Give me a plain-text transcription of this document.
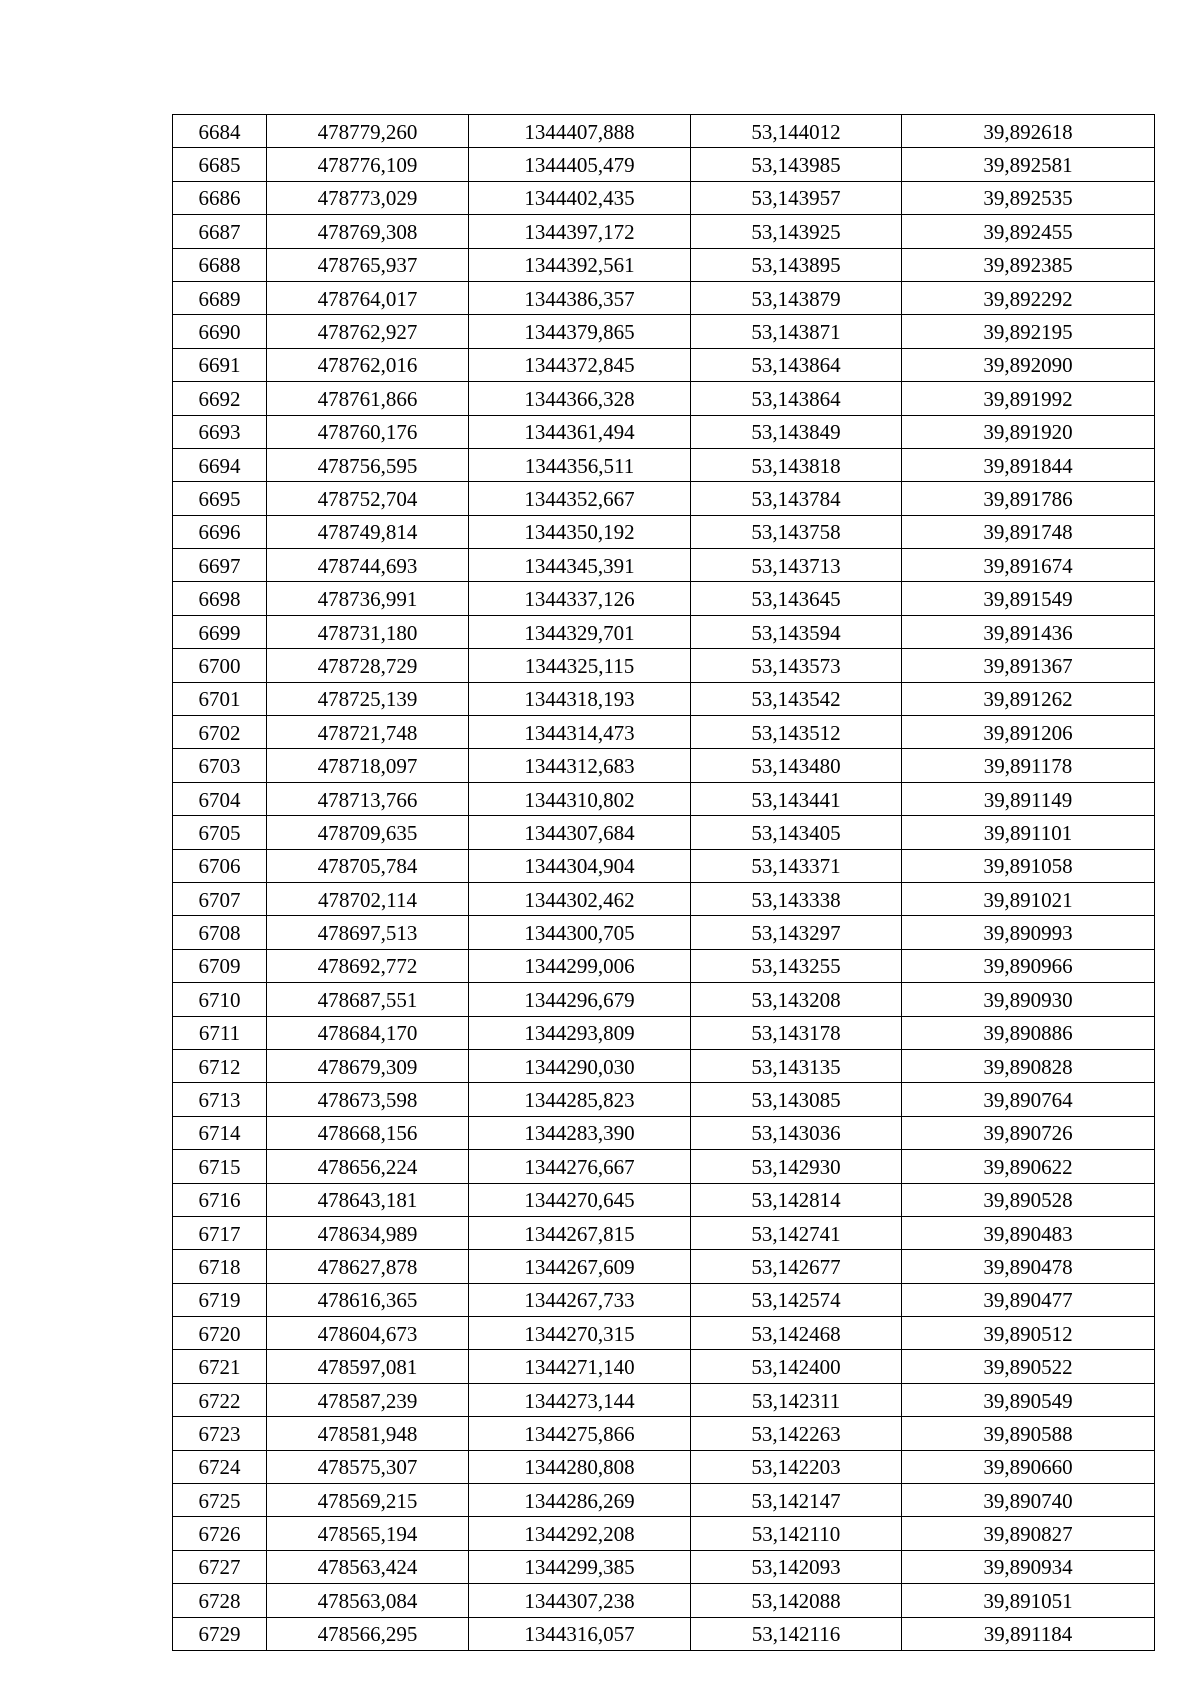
6684	478779,260	1344407,888	53,144012	39,892618
6685	478776,109	1344405,479	53,143985	39,892581
6686	478773,029	1344402,435	53,143957	39,892535
6687	478769,308	1344397,172	53,143925	39,892455
6688	478765,937	1344392,561	53,143895	39,892385
6689	478764,017	1344386,357	53,143879	39,892292
6690	478762,927	1344379,865	53,143871	39,892195
6691	478762,016	1344372,845	53,143864	39,892090
6692	478761,866	1344366,328	53,143864	39,891992
6693	478760,176	1344361,494	53,143849	39,891920
6694	478756,595	1344356,511	53,143818	39,891844
6695	478752,704	1344352,667	53,143784	39,891786
6696	478749,814	1344350,192	53,143758	39,891748
6697	478744,693	1344345,391	53,143713	39,891674
6698	478736,991	1344337,126	53,143645	39,891549
6699	478731,180	1344329,701	53,143594	39,891436
6700	478728,729	1344325,115	53,143573	39,891367
6701	478725,139	1344318,193	53,143542	39,891262
6702	478721,748	1344314,473	53,143512	39,891206
6703	478718,097	1344312,683	53,143480	39,891178
6704	478713,766	1344310,802	53,143441	39,891149
6705	478709,635	1344307,684	53,143405	39,891101
6706	478705,784	1344304,904	53,143371	39,891058
6707	478702,114	1344302,462	53,143338	39,891021
6708	478697,513	1344300,705	53,143297	39,890993
6709	478692,772	1344299,006	53,143255	39,890966
6710	478687,551	1344296,679	53,143208	39,890930
6711	478684,170	1344293,809	53,143178	39,890886
6712	478679,309	1344290,030	53,143135	39,890828
6713	478673,598	1344285,823	53,143085	39,890764
6714	478668,156	1344283,390	53,143036	39,890726
6715	478656,224	1344276,667	53,142930	39,890622
6716	478643,181	1344270,645	53,142814	39,890528
6717	478634,989	1344267,815	53,142741	39,890483
6718	478627,878	1344267,609	53,142677	39,890478
6719	478616,365	1344267,733	53,142574	39,890477
6720	478604,673	1344270,315	53,142468	39,890512
6721	478597,081	1344271,140	53,142400	39,890522
6722	478587,239	1344273,144	53,142311	39,890549
6723	478581,948	1344275,866	53,142263	39,890588
6724	478575,307	1344280,808	53,142203	39,890660
6725	478569,215	1344286,269	53,142147	39,890740
6726	478565,194	1344292,208	53,142110	39,890827
6727	478563,424	1344299,385	53,142093	39,890934
6728	478563,084	1344307,238	53,142088	39,891051
6729	478566,295	1344316,057	53,142116	39,891184
